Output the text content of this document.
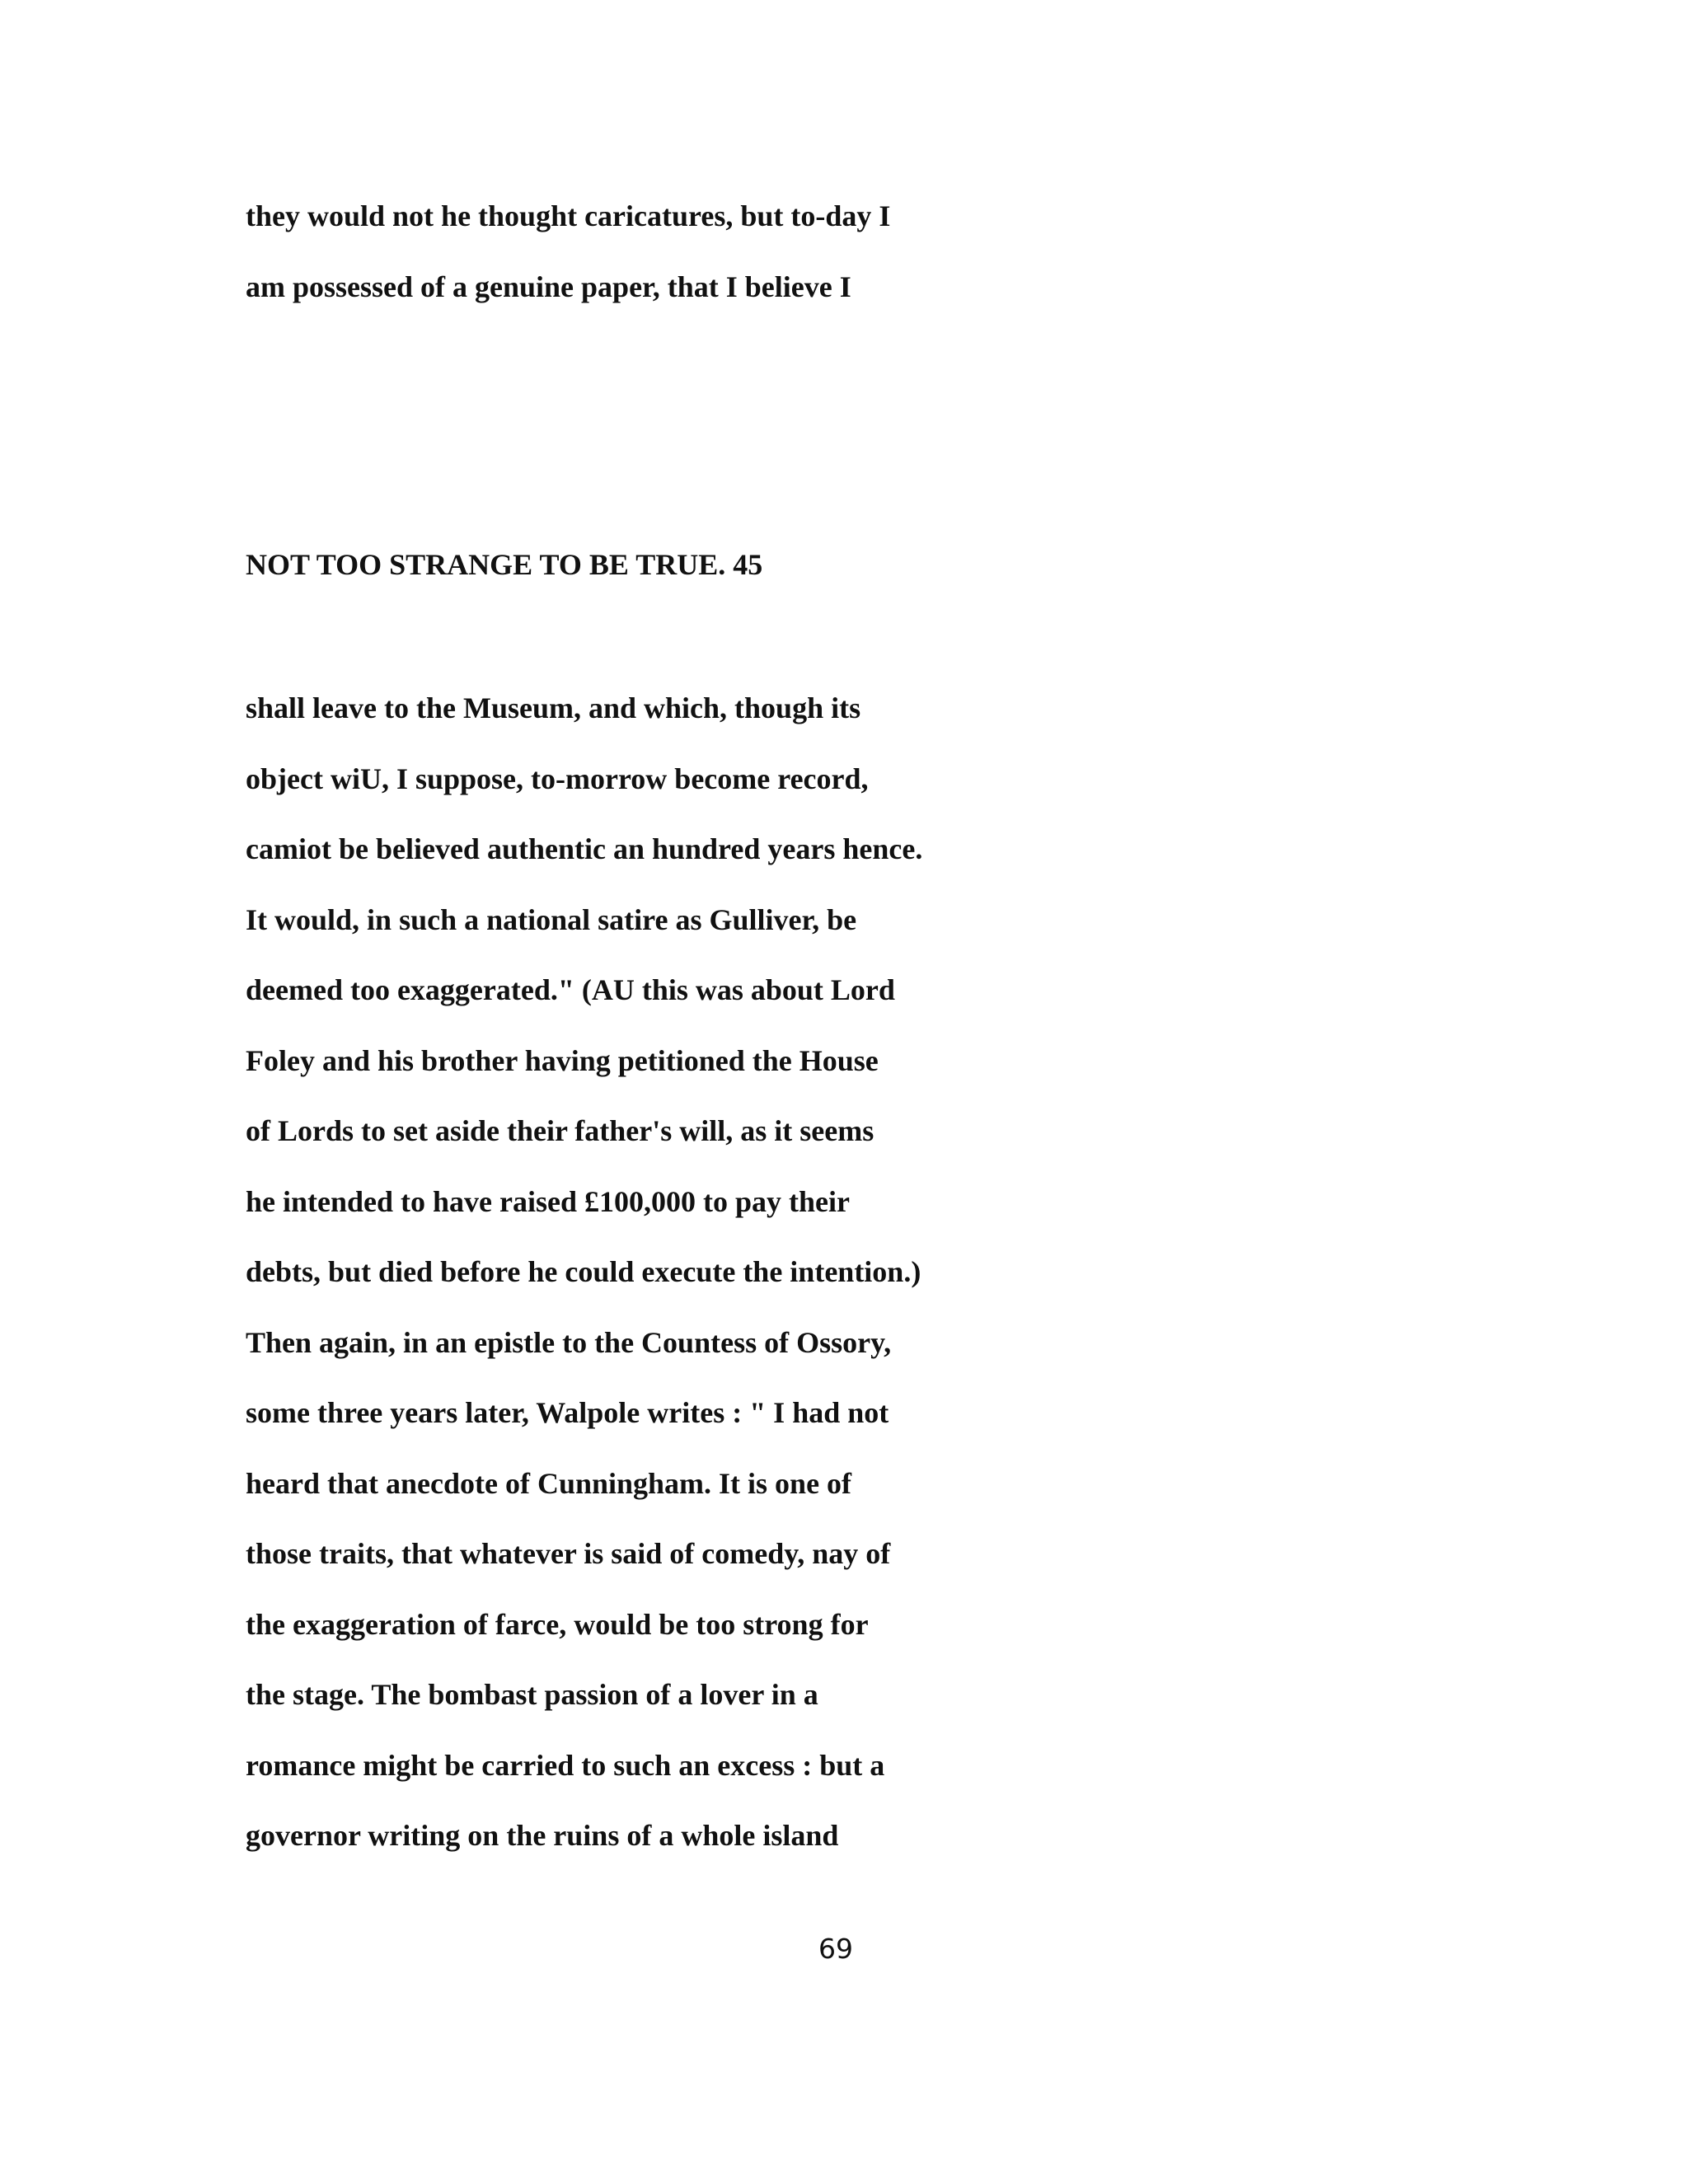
they would not he thought caricatures, but to-day I
am possessed of a genuine paper, that I believe I
NOT TOO STRANGE TO BE TRUE. 45
shall leave to the Museum, and which, though its
object wiU, I suppose, to-morrow become record,
camiot be believed authentic an hundred years hence.
It would, in such a national satire as Gulliver, be
deemed too exaggerated." (AU this was about Lord
Foley and his brother having petitioned the House
of Lords to set aside their father's will, as it seems
he intended to have raised £100,000 to pay their
debts, but died before he could execute the intention.)
Then again, in an epistle to the Countess of Ossory,
some three years later, Walpole writes : " I had not
heard that anecdote of Cunningham. It is one of
those traits, that whatever is said of comedy, nay of
the exaggeration of farce, would be too strong for
the stage. The bombast passion of a lover in a
romance might be carried to such an excess : but a
governor writing on the ruins of a whole island
69
